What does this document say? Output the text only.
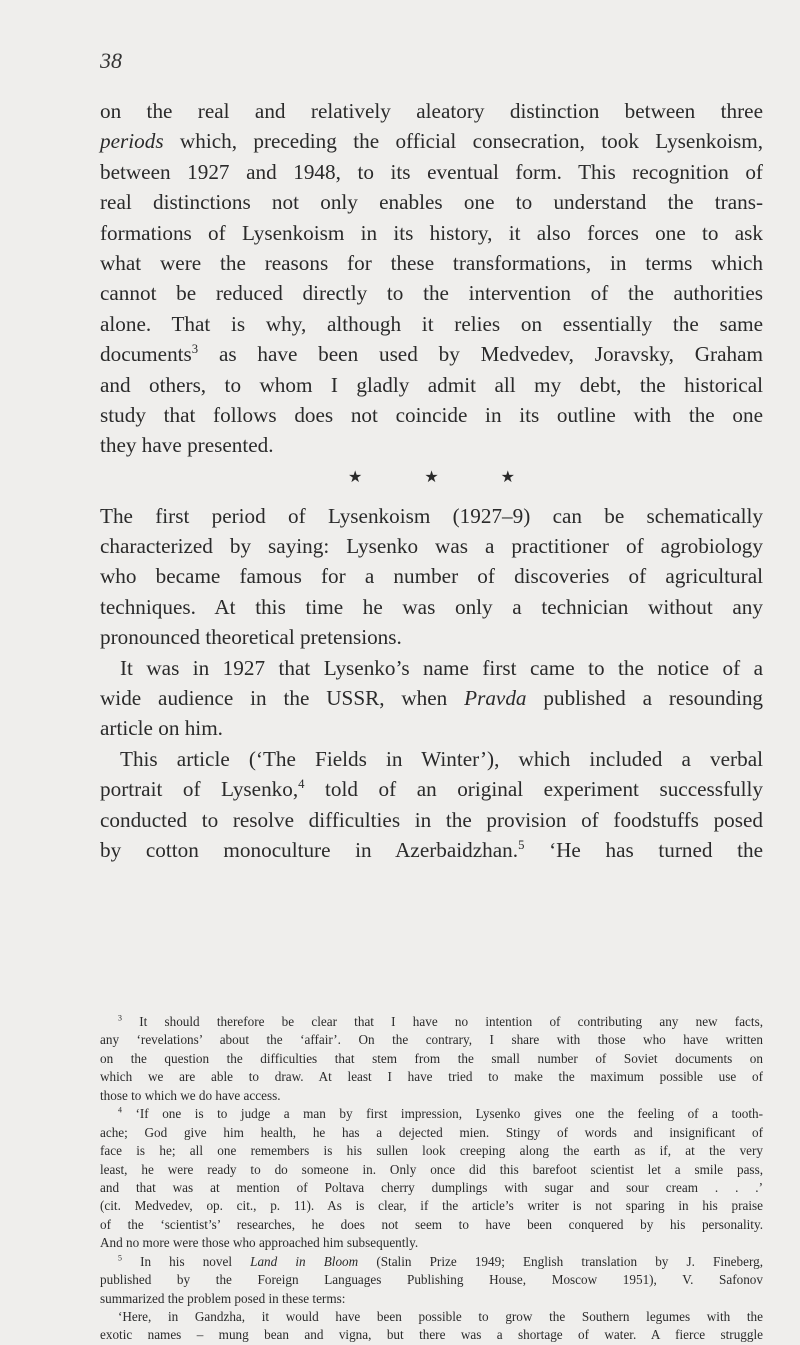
38
on the real and relatively aleatory distinction between three
periods which, preceding the official consecration, took Lysenkoism,
between 1927 and 1948, to its eventual form. This recognition of
real distinctions not only enables one to understand the trans-
formations of Lysenkoism in its history, it also forces one to ask
what were the reasons for these transformations, in terms which
cannot be reduced directly to the intervention of the authorities
alone. That is why, although it relies on essentially the same
documents$^3$ as have been used by Medvedev, Joravsky, Graham
and others, to whom I gladly admit all my debt, the historical
study that follows does not coincide in its outline with the one
they have presented.
★	★	★
The first period of Lysenkoism (1927–9) can be schematically
characterized by saying: Lysenko was a practitioner of agrobiology
who became famous for a number of discoveries of agricultural
techniques. At this time he was only a technician without any
pronounced theoretical pretensions.
It was in 1927 that Lysenko’s name first came to the notice of a
wide audience in the USSR, when Pravda published a resounding
article on him.
This article (‘The Fields in Winter’), which included a verbal
portrait of Lysenko,$^4$ told of an original experiment successfully
conducted to resolve difficulties in the provision of foodstuffs posed
by cotton monoculture in Azerbaidzhan.$^5$ ‘He has turned the
$^3$ It should therefore be clear that I have no intention of contributing any new facts,
any ‘revelations’ about the ‘affair’. On the contrary, I share with those who have written
on the question the difficulties that stem from the small number of Soviet documents on
which we are able to draw. At least I have tried to make the maximum possible use of
those to which we do have access.
$^4$ ‘If one is to judge a man by first impression, Lysenko gives one the feeling of a tooth-
ache; God give him health, he has a dejected mien. Stingy of words and insignificant of
face is he; all one remembers is his sullen look creeping along the earth as if, at the very
least, he were ready to do someone in. Only once did this barefoot scientist let a smile pass,
and that was at mention of Poltava cherry dumplings with sugar and sour cream . . .’
(cit. Medvedev, op. cit., p. 11). As is clear, if the article’s writer is not sparing in his praise
of the ‘scientist’s’ researches, he does not seem to have been conquered by his personality.
And no more were those who approached him subsequently.
$^5$ In his novel Land in Bloom (Stalin Prize 1949; English translation by J. Fineberg,
published by the Foreign Languages Publishing House, Moscow 1951), V. Safonov
summarized the problem posed in these terms:
‘Here, in Gandzha, it would have been possible to grow the Southern legumes with the
exotic names – mung bean and vigna, but there was a shortage of water. A fierce struggle
